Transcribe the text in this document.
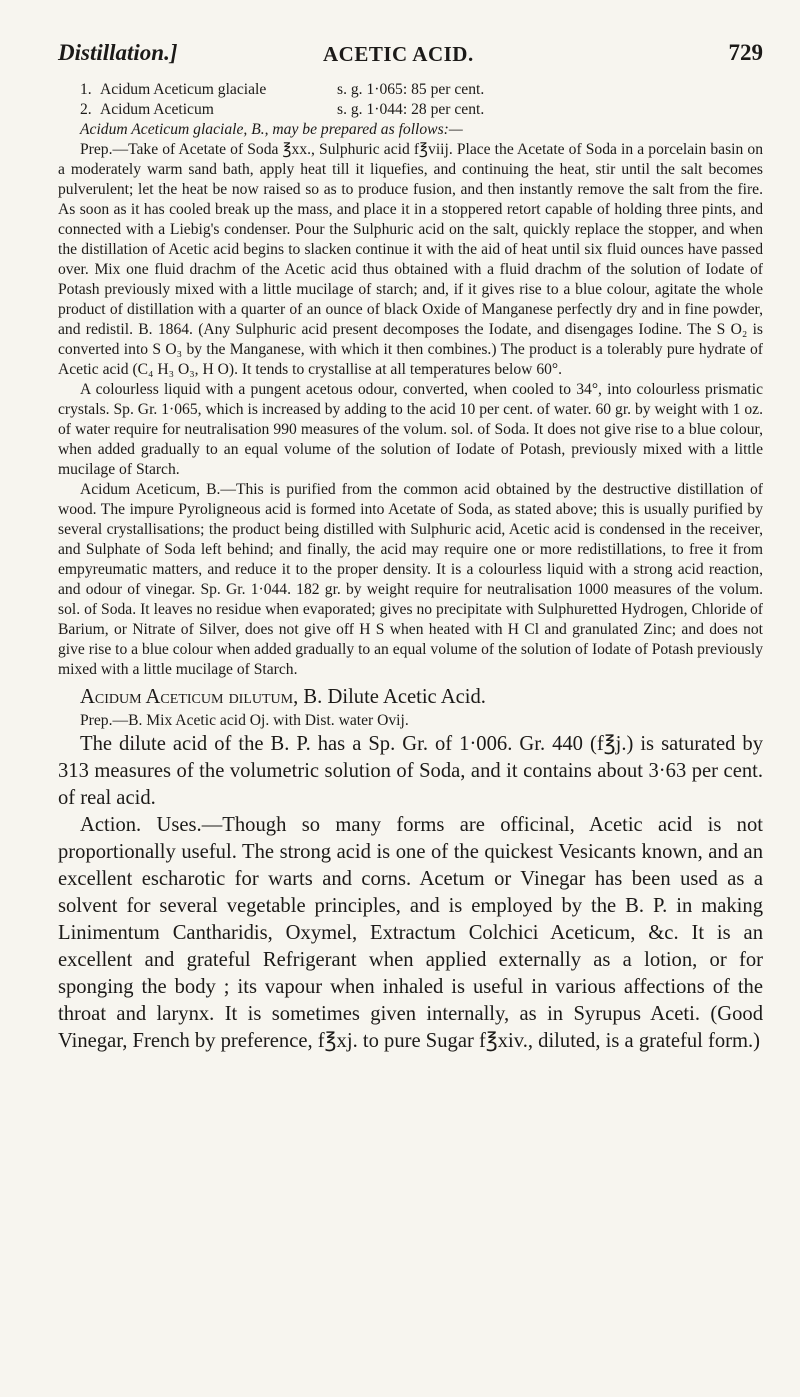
Distillation.]	ACETIC ACID.	729
1. Acidum Aceticum glaciale	s. g. 1·065: 85 per cent.
2. Acidum Aceticum	s. g. 1·044: 28 per cent.

Acidum Aceticum glaciale, B., may be prepared as follows:—

Prep.—Take of Acetate of Soda ℥xx., Sulphuric acid f℥viij. Place the Acetate of Soda in a porcelain basin on a moderately warm sand bath, apply heat till it liquefies, and continuing the heat, stir until the salt becomes pulverulent; let the heat be now raised so as to produce fusion, and then instantly remove the salt from the fire. As soon as it has cooled break up the mass, and place it in a stoppered retort capable of holding three pints, and connected with a Liebig's condenser. Pour the Sulphuric acid on the salt, quickly replace the stopper, and when the distillation of Acetic acid begins to slacken continue it with the aid of heat until six fluid ounces have passed over. Mix one fluid drachm of the Acetic acid thus obtained with a fluid drachm of the solution of Iodate of Potash previously mixed with a little mucilage of starch; and, if it gives rise to a blue colour, agitate the whole product of distillation with a quarter of an ounce of black Oxide of Manganese perfectly dry and in fine powder, and redistil. B. 1864. (Any Sulphuric acid present decomposes the Iodate, and disengages Iodine. The S O₂ is converted into S O₃ by the Manganese, with which it then combines.) The product is a tolerably pure hydrate of Acetic acid (C₄ H₃ O₃, H O). It tends to crystallise at all temperatures below 60°.

A colourless liquid with a pungent acetous odour, converted, when cooled to 34°, into colourless prismatic crystals. Sp. Gr. 1·065, which is increased by adding to the acid 10 per cent. of water. 60 gr. by weight with 1 oz. of water require for neutralisation 990 measures of the volum. sol. of Soda. It does not give rise to a blue colour, when added gradually to an equal volume of the solution of Iodate of Potash, previously mixed with a little mucilage of Starch.

Acidum Aceticum, B.—This is purified from the common acid obtained by the destructive distillation of wood. The impure Pyroligneous acid is formed into Acetate of Soda, as stated above; this is usually purified by several crystallisations; the product being distilled with Sulphuric acid, Acetic acid is condensed in the receiver, and Sulphate of Soda left behind; and finally, the acid may require one or more redistillations, to free it from empyreumatic matters, and reduce it to the proper density. It is a colourless liquid with a strong acid reaction, and odour of vinegar. Sp. Gr. 1·044. 182 gr. by weight require for neutralisation 1000 measures of the volum. sol. of Soda. It leaves no residue when evaporated; gives no precipitate with Sulphuretted Hydrogen, Chloride of Barium, or Nitrate of Silver, does not give off H S when heated with H Cl and granulated Zinc; and does not give rise to a blue colour when added gradually to an equal volume of the solution of Iodate of Potash previously mixed with a little mucilage of Starch.

Acidum Aceticum dilutum, B. Dilute Acetic Acid.

Prep.—B. Mix Acetic acid Oj. with Dist. water Ovij.

The dilute acid of the B. P. has a Sp. Gr. of 1·006. Gr. 440 (f℥j.) is saturated by 313 measures of the volumetric solution of Soda, and it contains about 3·63 per cent. of real acid.

Action. Uses.—Though so many forms are officinal, Acetic acid is not proportionally useful. The strong acid is one of the quickest Vesicants known, and an excellent escharotic for warts and corns. Acetum or Vinegar has been used as a solvent for several vegetable principles, and is employed by the B. P. in making Linimentum Cantharidis, Oxymel, Extractum Colchici Aceticum, &c. It is an excellent and grateful Refrigerant when applied externally as a lotion, or for sponging the body ; its vapour when inhaled is useful in various affections of the throat and larynx. It is sometimes given internally, as in Syrupus Aceti. (Good Vinegar, French by preference, f℥xj. to pure Sugar f℥xiv., diluted, is a grateful form.)
